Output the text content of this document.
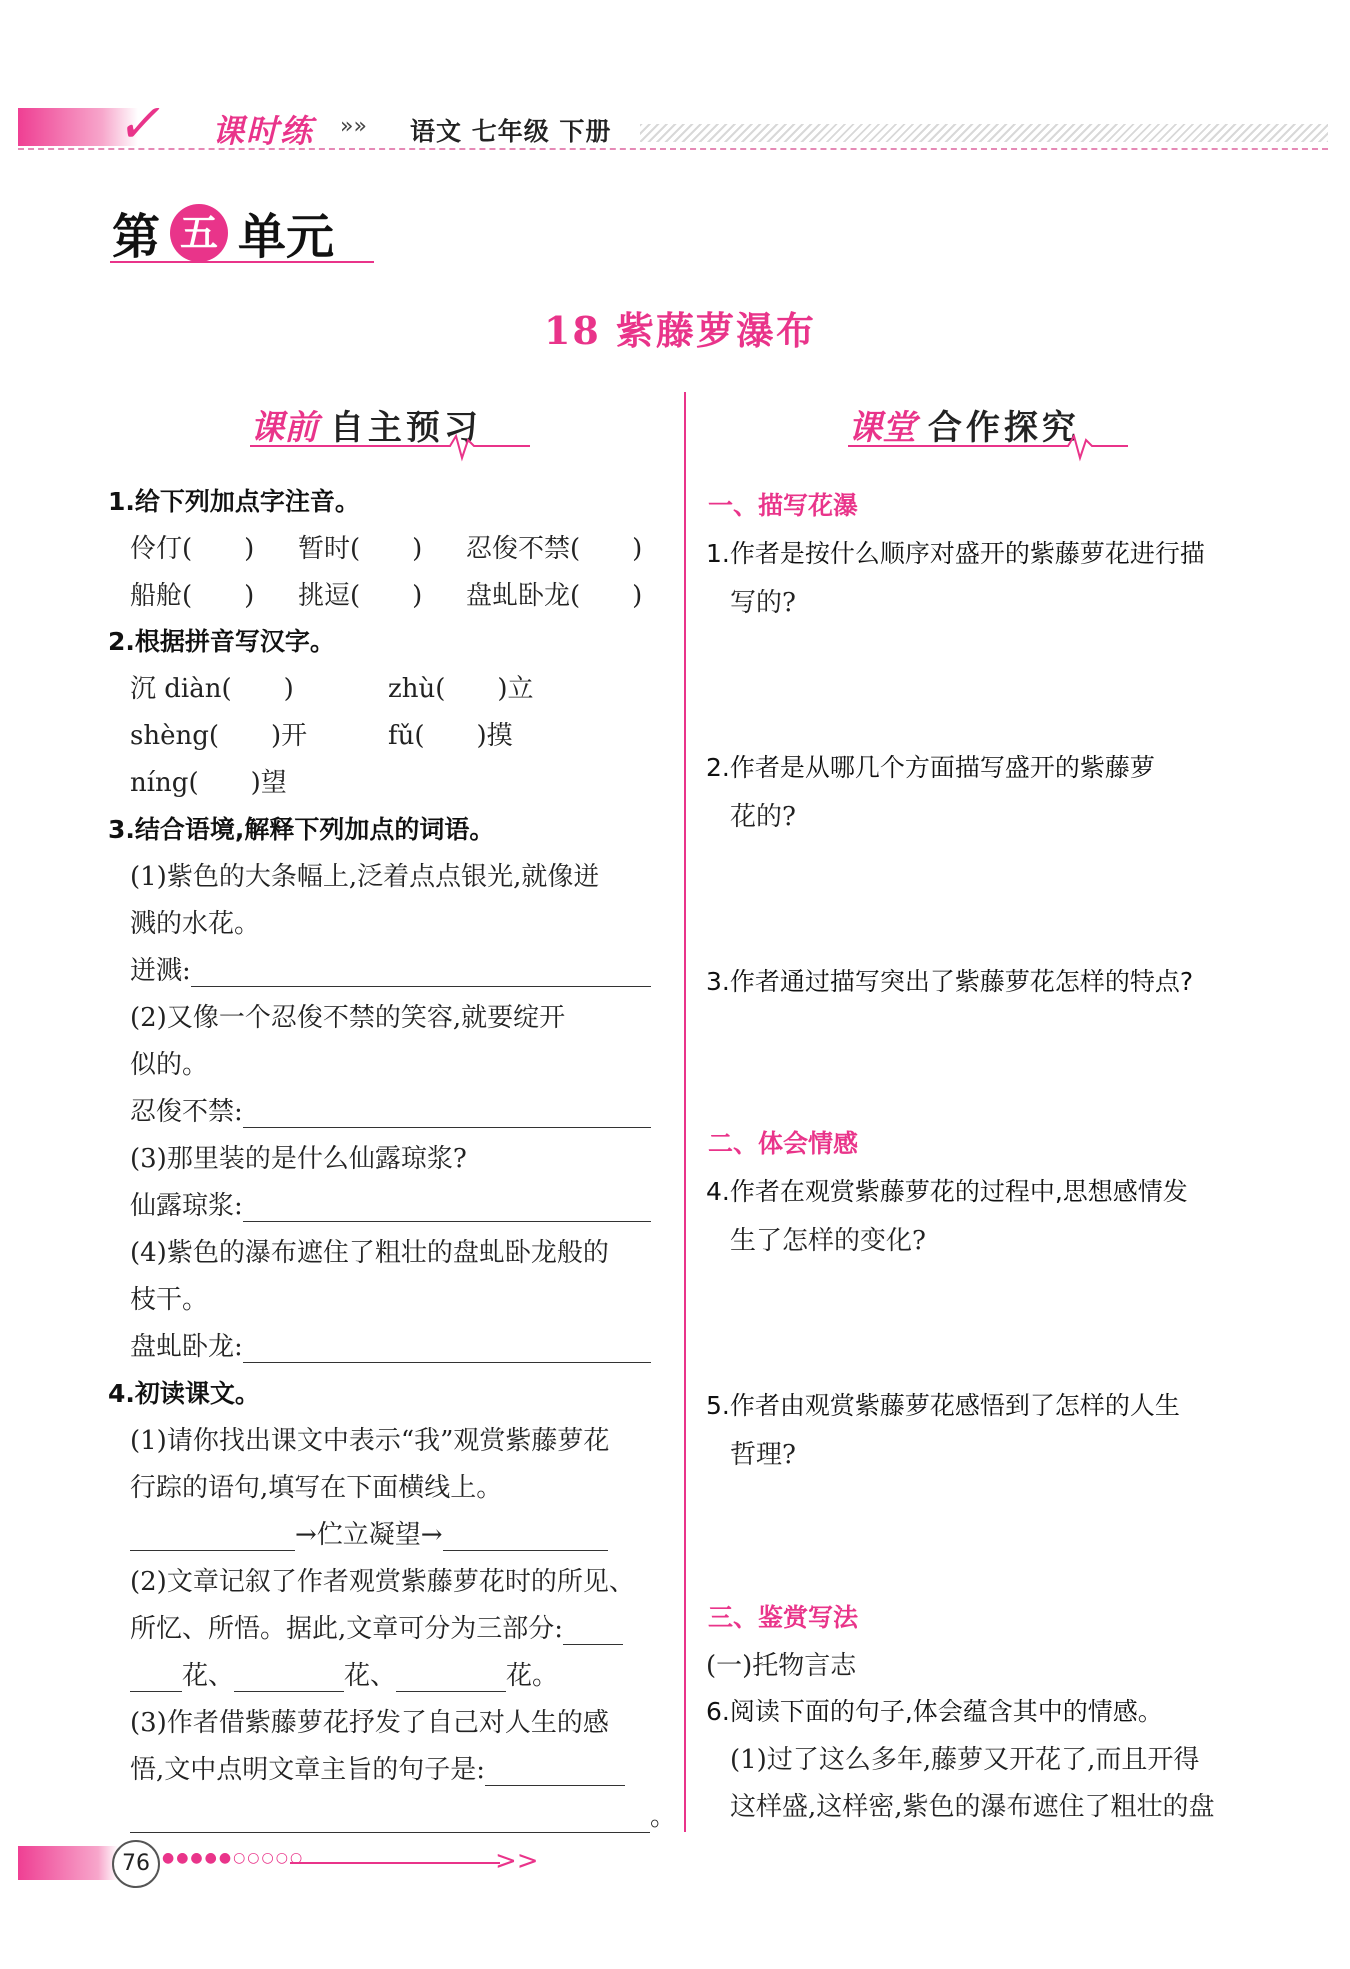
✓ 课时练 »» 语文 七年级 下册
第 五 单元
18 紫藤萝瀑布
课前 自主预习
1.给下列加点字注音。
伶仃(　　) 暂时(　　) 忍俊不禁(　　)
船舱(　　) 挑逗(　　) 盘虬卧龙(　　)
2.根据拼音写汉字。
沉 diàn(　　)	zhù(　　)立
shèng(　　)开	fǔ(　　)摸
níng(　　)望
3.结合语境,解释下列加点的词语。
(1)紫色的大条幅上,泛着点点银光,就像迸
溅的水花。
迸溅:
(2)又像一个忍俊不禁的笑容,就要绽开
似的。
忍俊不禁:
(3)那里装的是什么仙露琼浆?
仙露琼浆:
(4)紫色的瀑布遮住了粗壮的盘虬卧龙般的
枝干。
盘虬卧龙:
4.初读课文。
(1)请你找出课文中表示“我”观赏紫藤萝花
行踪的语句,填写在下面横线上。
→伫立凝望→
(2)文章记叙了作者观赏紫藤萝花时的所见、
所忆、所悟。据此,文章可分为三部分:
花、	花、	花。
(3)作者借紫藤萝花抒发了自己对人生的感
悟,文中点明文章主旨的句子是:
。
课堂 合作探究
一、描写花瀑
1.作者是按什么顺序对盛开的紫藤萝花进行描
写的?
2.作者是从哪几个方面描写盛开的紫藤萝
花的?
3.作者通过描写突出了紫藤萝花怎样的特点?
二、体会情感
4.作者在观赏紫藤萝花的过程中,思想感情发
生了怎样的变化?
5.作者由观赏紫藤萝花感悟到了怎样的人生
哲理?
三、鉴赏写法
(一)托物言志
6.阅读下面的句子,体会蕴含其中的情感。
(1)过了这么多年,藤萝又开花了,而且开得
这样盛,这样密,紫色的瀑布遮住了粗壮的盘
76 ●●●●●○○○○○	>>
